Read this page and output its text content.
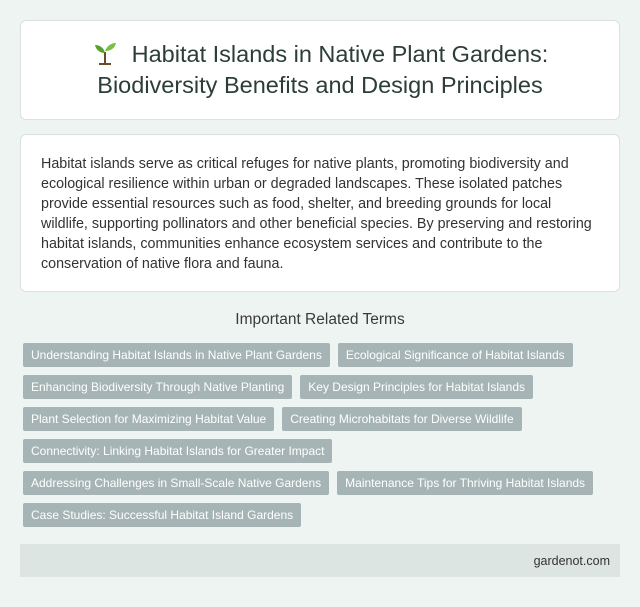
Habitat Islands in Native Plant Gardens: Biodiversity Benefits and Design Principles

Habitat islands serve as critical refuges for native plants, promoting biodiversity and ecological resilience within urban or degraded landscapes. These isolated patches provide essential resources such as food, shelter, and breeding grounds for local wildlife, supporting pollinators and other beneficial species. By preserving and restoring habitat islands, communities enhance ecosystem services and contribute to the conservation of native flora and fauna.

Important Related Terms
Understanding Habitat Islands in Native Plant Gardens	Ecological Significance of Habitat Islands
Enhancing Biodiversity Through Native Planting	Key Design Principles for Habitat Islands
Plant Selection for Maximizing Habitat Value	Creating Microhabitats for Diverse Wildlife
Connectivity: Linking Habitat Islands for Greater Impact
Addressing Challenges in Small-Scale Native Gardens	Maintenance Tips for Thriving Habitat Islands
Case Studies: Successful Habitat Island Gardens
gardenot.com
